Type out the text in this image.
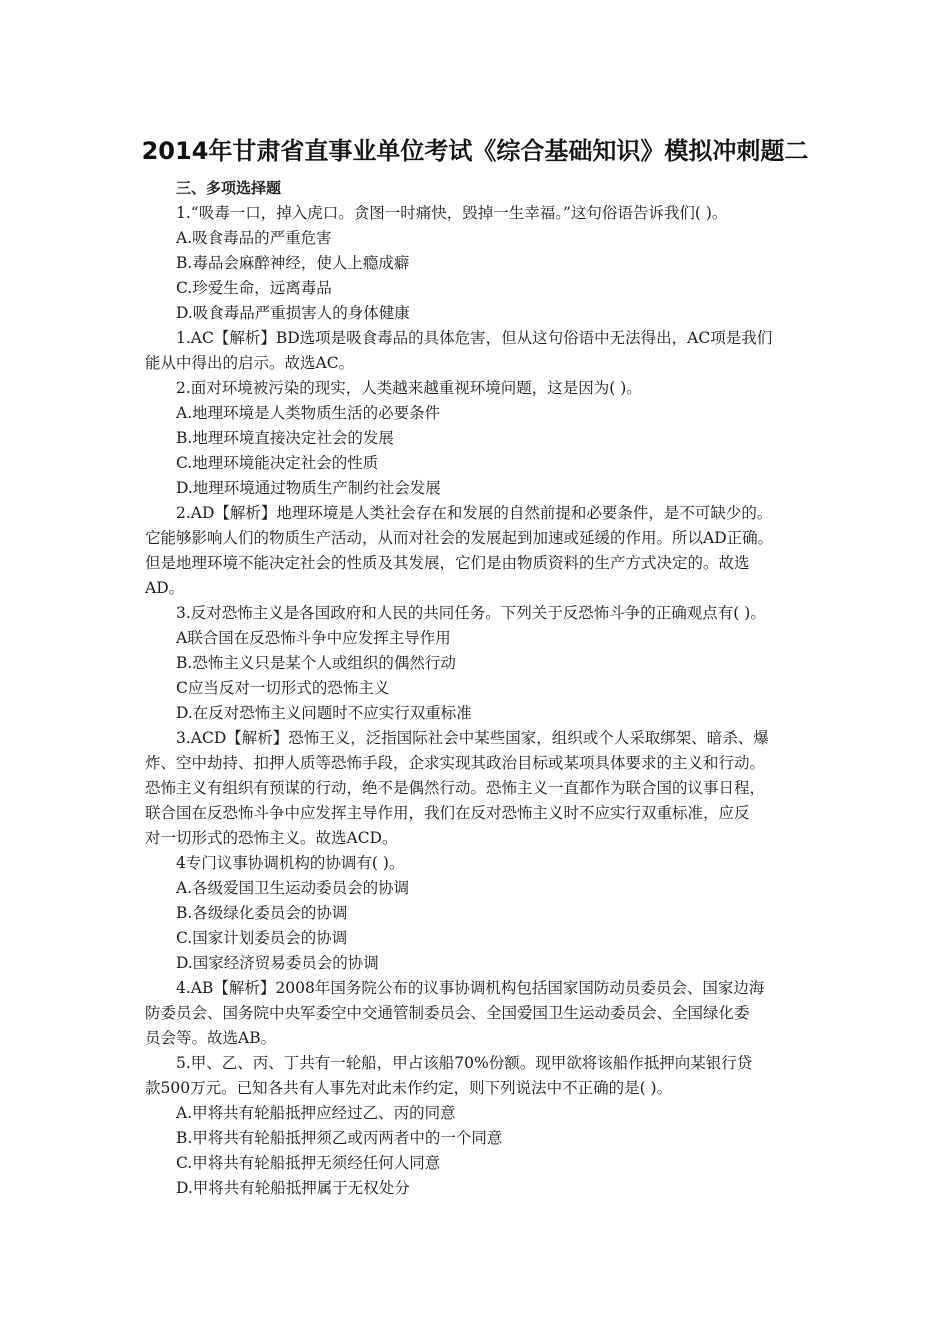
2014年甘肃省直事业单位考试《综合基础知识》模拟冲刺题二

三、多项选择题

1.“吸毒一口，掉入虎口。贪图一时痛快，毁掉一生幸福。”这句俗语告诉我们( )。

A.吸食毒品的严重危害

B.毒品会麻醉神经，使人上瘾成癖

C.珍爱生命，远离毒品

D.吸食毒品严重损害人的身体健康

1.AC【解析】BD选项是吸食毒品的具体危害，但从这句俗语中无法得出，AC项是我们

能从中得出的启示。故选AC。

2.面对环境被污染的现实，人类越来越重视环境问题，这是因为( )。

A.地理环境是人类物质生活的必要条件

B.地理环境直接决定社会的发展

C.地理环境能决定社会的性质

D.地理环境通过物质生产制约社会发展

2.AD【解析】地理环境是人类社会存在和发展的自然前提和必要条件，是不可缺少的。

它能够影响人们的物质生产活动，从而对社会的发展起到加速或延缓的作用。所以AD正确。

但是地理环境不能决定社会的性质及其发展，它们是由物质资料的生产方式决定的。故选

AD。

3.反对恐怖主义是各国政府和人民的共同任务。下列关于反恐怖斗争的正确观点有( )。

A联合国在反恐怖斗争中应发挥主导作用

B.恐怖主义只是某个人或组织的偶然行动

C应当反对一切形式的恐怖主义

D.在反对恐怖主义问题时不应实行双重标准

3.ACD【解析】恐怖王义，泛指国际社会中某些国家，组织或个人采取绑架、暗杀、爆

炸、空中劫持、扣押人质等恐怖手段，企求实现其政治目标或某项具体要求的主义和行动。

恐怖主义有组织有预谋的行动，绝不是偶然行动。恐怖主义一直都作为联合国的议事日程，

联合国在反恐怖斗争中应发挥主导作用，我们在反对恐怖主义时不应实行双重标准，应反

对一切形式的恐怖主义。故选ACD。

4专门议事协调机构的协调有( )。

A.各级爱国卫生运动委员会的协调

B.各级绿化委员会的协调

C.国家计划委员会的协调

D.国家经济贸易委员会的协调

4.AB【解析】2008年国务院公布的议事协调机构包括国家国防动员委员会、国家边海

防委员会、国务院中央军委空中交通管制委员会、全国爱国卫生运动委员会、全国绿化委

员会等。故选AB。

5.甲、乙、丙、丁共有一轮船，甲占该船70%份额。现甲欲将该船作抵押向某银行贷

款500万元。已知各共有人事先对此未作约定，则下列说法中不正确的是( )。

A.甲将共有轮船抵押应经过乙、丙的同意

B.甲将共有轮船抵押须乙或丙两者中的一个同意

C.甲将共有轮船抵押无须经任何人同意

D.甲将共有轮船抵押属于无权处分
